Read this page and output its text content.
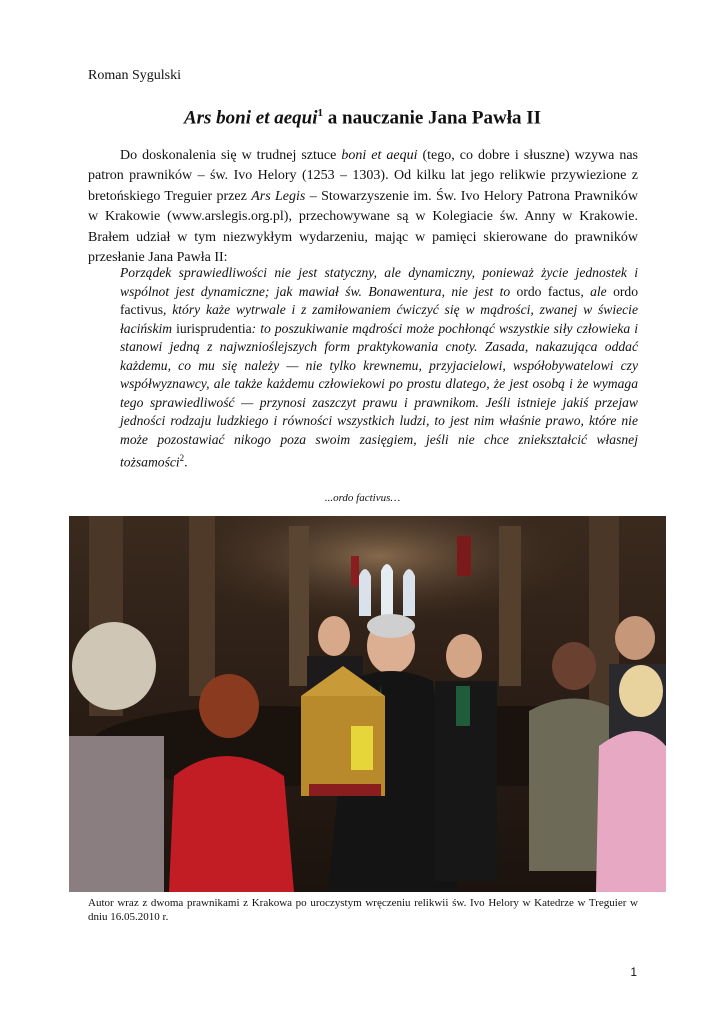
Roman Sygulski
Ars boni et aequi$^1$ a nauczanie Jana Pawła II

Do doskonalenia się w trudnej sztuce boni et aequi (tego, co dobre i słuszne) wzywa nas patron prawników – św. Ivo Helory (1253 – 1303). Od kilku lat jego relikwie przywiezione z bretońskiego Treguier przez Ars Legis – Stowarzyszenie im. Św. Ivo Helory Patrona Prawników w Krakowie (www.arslegis.org.pl), przechowywane są w Kolegiacie św. Anny w Krakowie. Brałem udział w tym niezwykłym wydarzeniu, mając w pamięci skierowane do prawników przesłanie Jana Pawła II:

Porządek sprawiedliwości nie jest statyczny, ale dynamiczny, ponieważ życie jednostek i wspólnot jest dynamiczne; jak mawiał św. Bonawentura, nie jest to ordo factus, ale ordo factivus, który każe wytrwale i z zamiłowaniem ćwiczyć się w mądrości, zwanej w świecie łacińskim iurisprudentia: to poszukiwanie mądrości może pochłonąć wszystkie siły człowieka i stanowi jedną z najwznioślejszych form praktykowania cnoty. Zasada, nakazująca oddać każdemu, co mu się należy — nie tylko krewnemu, przyjacielowi, współobywatelowi czy współwyznawcy, ale także każdemu człowiekowi po prostu dlatego, że jest osobą i że wymaga tego sprawiedliwość — przynosi zaszczyt prawu i prawnikom. Jeśli istnieje jakiś przejaw jedności rodzaju ludzkiego i równości wszystkich ludzi, to jest nim właśnie prawo, które nie może pozostawiać nikogo poza swoim zasięgiem, jeśli nie chce zniekształcić własnej tożsamości$^2$.

...ordo factivus…
Autor wraz z dwoma prawnikami z Krakowa po uroczystym wręczeniu relikwii św. Ivo Helory w Katedrze w Treguier w dniu 16.05.2010 r.
1
